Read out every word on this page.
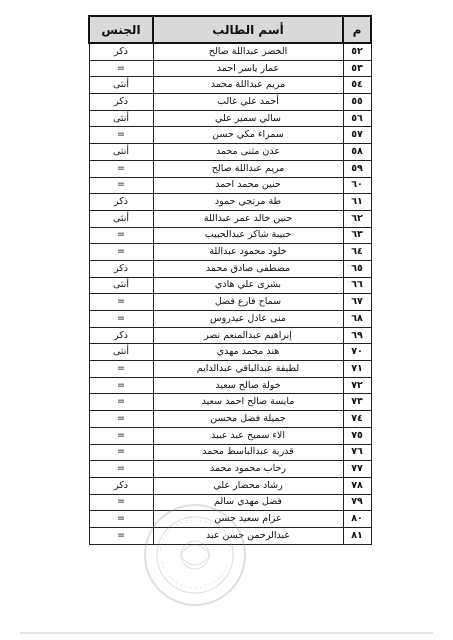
م	أسم الطالب	الجنس
٥٢	الخضر عبداللة صالح	ذكر
٥٣	عمار ياسر احمد	=
٥٤	مريم عبداللة محمد	أنثى
٥٥	أحمد علي غالب	ذكر
٥٦	سالي سمير علي	أنثى
٥٧	سمراء مكي حسن	=
٥٨	عدن مثنى محمد	أنثى
٥٩	مريم عبداللة صالح	=
٦٠	حنين محمد احمد	=
٦١	طة مرتجي حمود	ذكر
٦٢	حنين خالد عمر عبداللة	أنثى
٦٣	حبيبة شاكر عبدالحبيب	=
٦٤	خلود محمود عبداللة	=
٦٥	مصطفى صادق محمد	ذكر
٦٦	بشرى علي هادي	أنثى
٦٧	سماح فارع فضل	=
٦٨	منى عادل عيدروس	=
٦٩	إبراهيم عبدالمنعم نصر	ذكر
٧٠	هند محمد مهدي	أنثى
٧١	لطيفة عبدالباقي عبدالدايم	=
٧٢	خولة صالح سعيد	=
٧٣	مايسة صالح احمد سعيد	=
٧٤	جميلة فضل محسن	=
٧٥	الاء سميح عبد عبيد	=
٧٦	قدرية عبدالباسط محمد	=
٧٧	رحاب محمود محمد	=
٧٨	رشاد محضار علي	ذكر
٧٩	فضل مهدي سالم	=
٨٠	عزام سعيد حسن	=
٨١	عبدالرحمن حسن عبد	=
